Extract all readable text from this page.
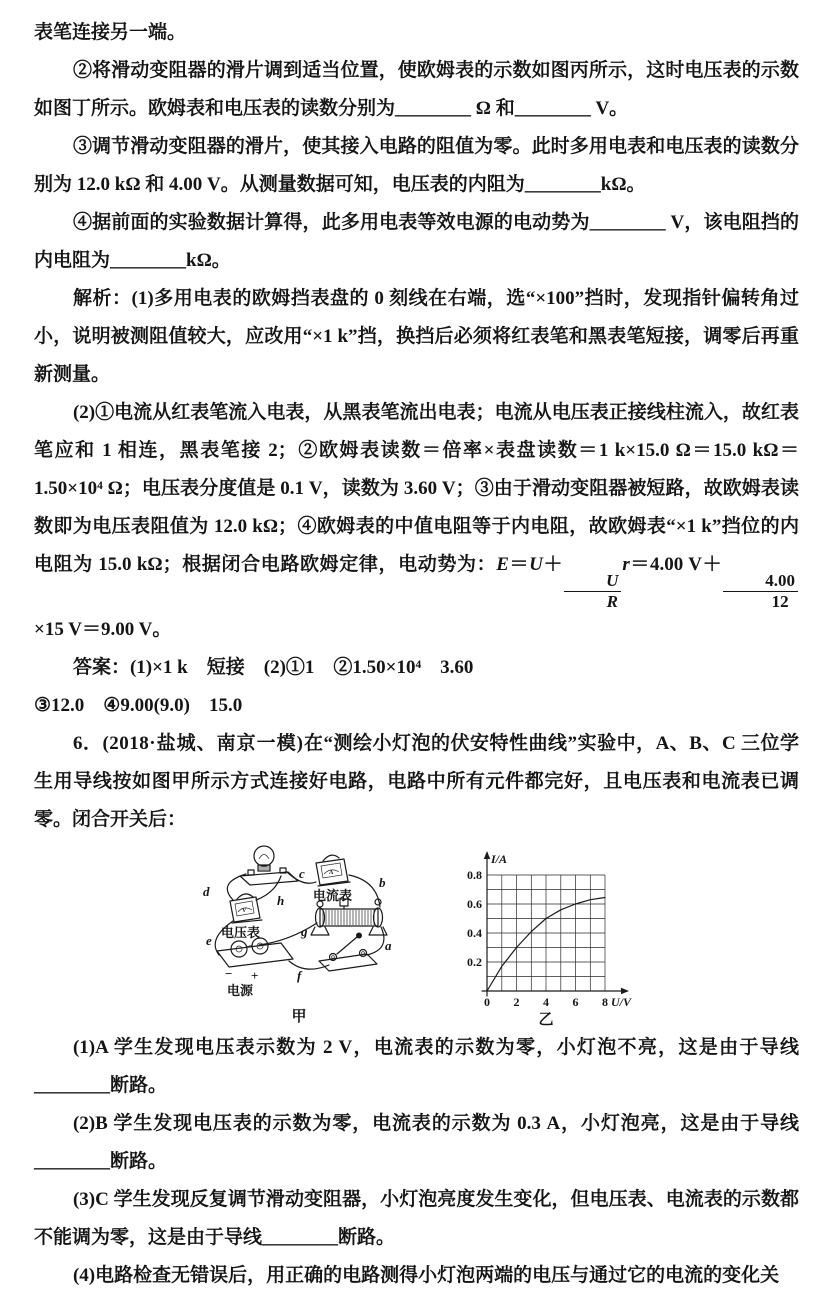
表笔连接另一端。

②将滑动变阻器的滑片调到适当位置，使欧姆表的示数如图丙所示，这时电压表的示数如图丁所示。欧姆表和电压表的读数分别为________ Ω 和________ V。

③调节滑动变阻器的滑片，使其接入电路的阻值为零。此时多用电表和电压表的读数分别为 12.0 kΩ 和 4.00 V。从测量数据可知，电压表的内阻为________kΩ。

④据前面的实验数据计算得，此多用电表等效电源的电动势为________ V，该电阻挡的内电阻为________kΩ。

解析：(1)多用电表的欧姆挡表盘的 0 刻线在右端，选“×100”挡时，发现指针偏转角过小，说明被测阻值较大，应改用“×1 k”挡，换挡后必须将红表笔和黑表笔短接，调零后再重新测量。

(2)①电流从红表笔流入电表，从黑表笔流出电表；电流从电压表正接线柱流入，故红表笔应和 1 相连，黑表笔接 2；②欧姆表读数＝倍率×表盘读数＝1 k×15.0 Ω＝15.0 kΩ＝1.50×10⁴ Ω；电压表分度值是 0.1 V，读数为 3.60 V；③由于滑动变阻器被短路，故欧姆表读数即为电压表阻值为 12.0 kΩ；④欧姆表的中值电阻等于内电阻，故欧姆表“×1 k”挡位的内电阻为 15.0 kΩ；根据闭合电路欧姆定律，电动势为：E＝U＋
$\frac{U}{R}$
r＝4.00 V＋
$\frac{4.00}{12}$
×15 V＝9.00 V。

答案：(1)×1 k　短接　(2)①1　②1.50×10⁴　3.60
③12.0　④9.00(9.0)　15.0

6．(2018·盐城、南京一模)在“测绘小灯泡的伏安特性曲线”实验中，A、B、C 三位学生用导线按如图甲所示方式连接好电路，电路中所有元件都完好，且电压表和电流表已调零。闭合开关后：

A
− +
V
d
h
c
b
g
e	a
f
电流表
电压表
电源
甲
0.8
0.6
0.4
0.2
0 2 4 6 8
I/A
U/V
乙

(1)A 学生发现电压表示数为 2 V，电流表的示数为零，小灯泡不亮，这是由于导线________断路。

(2)B 学生发现电压表的示数为零，电流表的示数为 0.3 A，小灯泡亮，这是由于导线________断路。

(3)C 学生发现反复调节滑动变阻器，小灯泡亮度发生变化，但电压表、电流表的示数都不能调为零，这是由于导线________断路。

(4)电路检查无错误后，用正确的电路测得小灯泡两端的电压与通过它的电流的变化关
